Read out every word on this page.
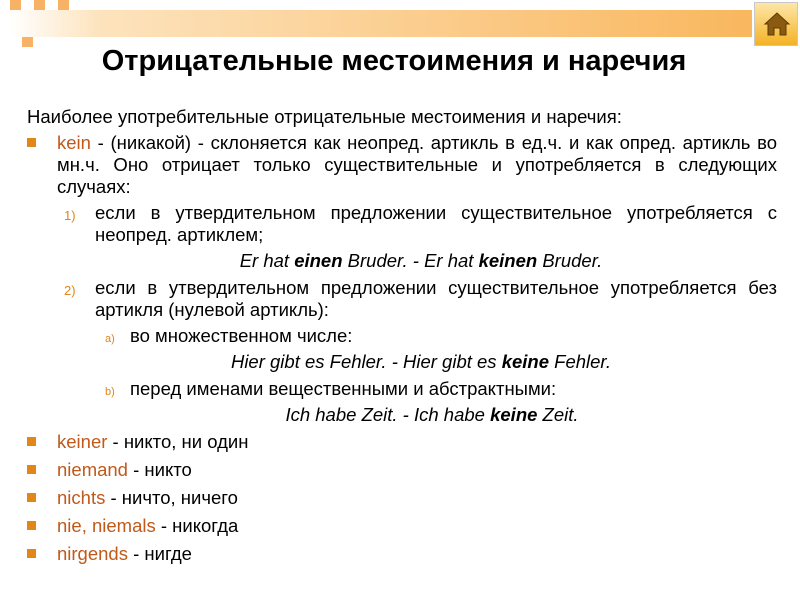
Отрицательные местоимения и наречия
Наиболее употребительные отрицательные местоимения и наречия:
kein - (никакой) - склоняется как неопред. артикль в ед.ч. и как опред. артикль во мн.ч. Оно отрицает только существительные и употребляется в следующих случаях:
1) если в утвердительном предложении существительное употребляется с неопред. артиклем;
Er hat einen Bruder. - Er hat keinen Bruder.
2) если в утвердительном предложении существительное употребляется без артикля (нулевой артикль):
a) во множественном числе:
Hier gibt es Fehler. - Hier gibt es keine Fehler.
b) перед именами вещественными и абстрактными:
Ich habe Zeit. - Ich habe keine Zeit.
keiner - никто, ни один
niemand - никто
nichts - ничто, ничего
nie, niemals - никогда
nirgends - нигде
